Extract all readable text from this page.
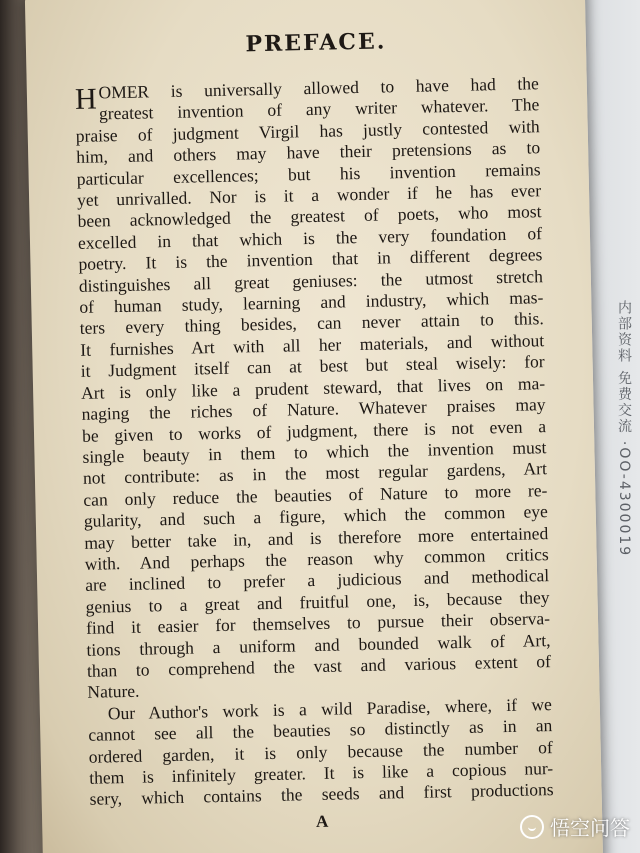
内部资料 免费交流 ·OO-4300019
PREFACE.
H OMER is universally allowed to have had the
greatest invention of any writer whatever. The
praise of judgment Virgil has justly contested with
him, and others may have their pretensions as to
particular excellences; but his invention remains
yet unrivalled. Nor is it a wonder if he has ever
been acknowledged the greatest of poets, who most
excelled in that which is the very foundation of
poetry. It is the invention that in different degrees
distinguishes all great geniuses: the utmost stretch
of human study, learning and industry, which mas-
ters every thing besides, can never attain to this.
It furnishes Art with all her materials, and without
it Judgment itself can at best but steal wisely: for
Art is only like a prudent steward, that lives on ma-
naging the riches of Nature. Whatever praises may
be given to works of judgment, there is not even a
single beauty in them to which the invention must
not contribute: as in the most regular gardens, Art
can only reduce the beauties of Nature to more re-
gularity, and such a figure, which the common eye
may better take in, and is therefore more entertained
with. And perhaps the reason why common critics
are inclined to prefer a judicious and methodical
genius to a great and fruitful one, is, because they
find it easier for themselves to pursue their observa-
tions through a uniform and bounded walk of Art,
than to comprehend the vast and various extent of
Nature.
Our Author's work is a wild Paradise, where, if we
cannot see all the beauties so distinctly as in an
ordered garden, it is only because the number of
them is infinitely greater. It is like a copious nur-
sery, which contains the seeds and first productions
A	悟空问答
